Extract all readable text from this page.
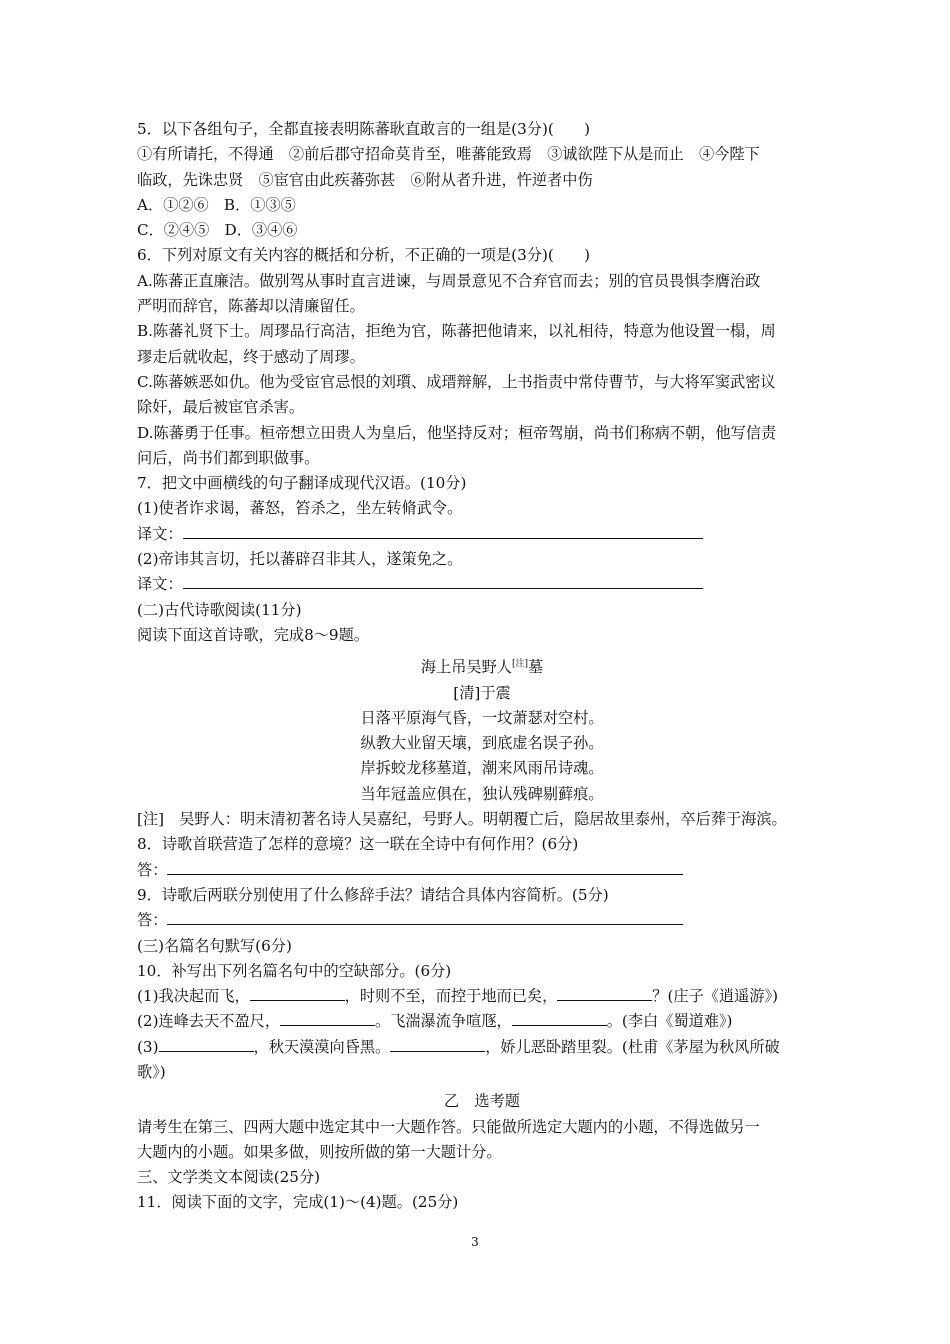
5．以下各组句子，全都直接表明陈蕃耿直敢言的一组是(3分)(　　)
①有所请托，不得通　②前后郡守招命莫肯至，唯蕃能致焉　③诚欲陛下从是而止　④今陛下
临政，先诛忠贤　⑤宦官由此疾蕃弥甚　⑥附从者升进，忤逆者中伤
A．①②⑥　B．①③⑤
C．②④⑤　D．③④⑥
6．下列对原文有关内容的概括和分析，不正确的一项是(3分)(　　)
A.陈蕃正直廉洁。做别驾从事时直言进谏，与周景意见不合弃官而去；别的官员畏惧李膺治政
严明而辞官，陈蕃却以清廉留任。
B.陈蕃礼贤下士。周璆品行高洁，拒绝为官，陈蕃把他请来，以礼相待，特意为他设置一榻，周
璆走后就收起，终于感动了周璆。
C.陈蕃嫉恶如仇。他为受宦官忌恨的刘瓆、成瑨辩解，上书指责中常侍曹节，与大将军窦武密议
除奸，最后被宦官杀害。
D.陈蕃勇于任事。桓帝想立田贵人为皇后，他坚持反对；桓帝驾崩，尚书们称病不朝，他写信责
问后，尚书们都到职做事。
7．把文中画横线的句子翻译成现代汉语。(10分)
(1)使者诈求谒，蕃怒，笞杀之，坐左转脩武令。
译文：
(2)帝讳其言切，托以蕃辟召非其人，遂策免之。
译文：
(二)古代诗歌阅读(11分)
阅读下面这首诗歌，完成8～9题。
海上吊吴野人[注]墓
[清]于震
日落平原海气昏，一坟萧瑟对空村。
纵教大业留天壤，到底虚名误子孙。
岸拆蛟龙移墓道，潮来风雨吊诗魂。
当年冠盖应俱在，独认残碑剔藓痕。
[注]　吴野人：明末清初著名诗人吴嘉纪，号野人。明朝覆亡后，隐居故里泰州，卒后葬于海滨。
8．诗歌首联营造了怎样的意境？这一联在全诗中有何作用？(6分)
答：
9．诗歌后两联分别使用了什么修辞手法？请结合具体内容简析。(5分)
答：
(三)名篇名句默写(6分)
10．补写出下列名篇名句中的空缺部分。(6分)
(1)我决起而飞，	，时则不至，而控于地而已矣，	？(庄子《逍遥游》)
(2)连峰去天不盈尺，	。飞湍瀑流争喧豗，	。(李白《蜀道难》)
(3)	，秋天漠漠向昏黑。	，娇儿恶卧踏里裂。(杜甫《茅屋为秋风所破
歌》)
乙　选考题
请考生在第三、四两大题中选定其中一大题作答。只能做所选定大题内的小题，不得选做另一
大题内的小题。如果多做，则按所做的第一大题计分。
三、文学类文本阅读(25分)
11．阅读下面的文字，完成(1)～(4)题。(25分)
3
